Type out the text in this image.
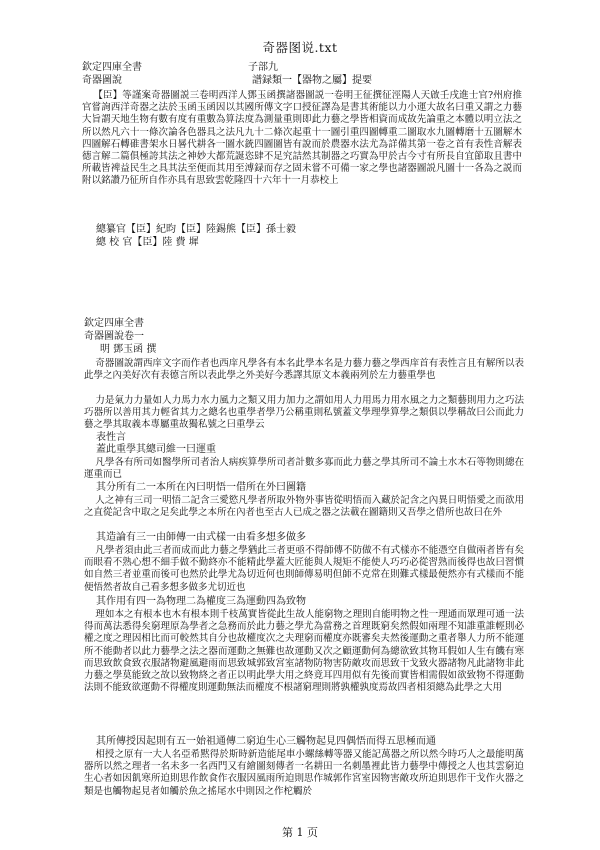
奇器图说.txt
欽定四庫全書	子部九
奇器圖說	譜録類一【器物之屬】提要
【臣】等謹案奇器圖説三卷明西洋人鄧玉函撰諸器圖説一卷明王征撰征涇陽人天啟壬戌進士官?州府推官嘗詢西洋奇器之法於玉函玉函因以其國所傳文字口授征譯為是書其術能以力小運大故名曰重又謂之力藝大旨謂天地生物有數有度有重數為算法度為測量重則即此力藝之學皆相資而成故先論重之本體以明立法之所以然凡六十一條次論各色器具之法凡九十二條次起重十一圖引重四圖轉重二圖取水九圖轉磨十五圖解木四圖解石轉碓書架水日晷代耕各一圖水銃四圖圖皆有說而於農器水法尤為詳備其第一卷之首有表性音解表德言解二篇俱極誇其法之神妙大都荒誕恣肆不足究詰然其制器之巧實為甲於古今寸有所長自宜節取且書中所載皆裨益民生之具其法至便而其用至溥録而存之固未嘗不可備一家之學也諸器圖説凡圖十一各為之説而附以銘讚乃征所自作亦具有思致雲乾隆四十六年十一月恭校上
總纂官【臣】紀昀【臣】陸錫熊【臣】孫士毅
總 校 官【臣】陸 費 墀
欽定四庫全書
奇器圖說卷一
明 鄧玉函 撰
奇器圖說謂西庠文字而作者也西庠凡學各有本名此學本名是力藝力藝之學西庠首有表性言且有解所以表此學之內美好次有表德言所以表此學之外美好今悉譯其原文本義兩列於左力藝重學也
力是氣力力量如人力馬力水力風力之類又用力加力之謂如用人力用馬力用水風之力之類藝則用力之巧法巧器所以善用其力輕省其力之總名也重學者學乃公稱重則私號蓋文學理學算學之類俱以學稱故曰公而此力藝之學其取義本專屬重故獨私號之曰重學云
表性言
蓋此重學其總司維一曰運重
凡學各有所司如醫學所司者治人病疾算學所司者計數多寡而此力藝之學其所司不論土水木石等物則總在運重而已
其分所有二一本所在內曰明悟一借所在外曰圖籍
人之神有三司一明悟二記含三愛慾凡學者所取外物外事皆從明悟而入藏於記含之內異日明悟愛之而欲用之直從記含中取之足矣此學之本所在內者也至古人已成之器之法載在圖籍則又吾學之借所也故曰在外
其造論有三一由師傳一由式樣一由看多想多做多
凡學者須由此三者而成而此力藝之學猶此三者更亟不得師傳不防做不有式樣亦不能憑空自做兩者皆有矣而眼看不熟心想不細手做不勤終亦不能精此學蓋大匠能與人規矩不能使人巧巧必從習熟而後得也故曰習慣如自然三者並重而後可也然於此學尤為切近何也則師傳易明但師不克常在則難式樣最便然亦有式樣而不能便悟然者故自己看多想多做多尤切近也
其作用有四一為物理二為權度三為運動四為致物
理如本之有根本也木有根本則千枝萬實皆從此生故人能窮物之理則自能明物之性一理通而眾理可通一法得而萬法悉得矣窮理原為學者之急務而於此力藝之學尤為當務之首理既窮矣然假如兩理不知誰重誰輕則必權之度之理因相比而可較然其自分也故權度次之夫理窮而權度亦既審矣夫然後運動之重者舉人力所不能運所不能動者以此力藝學之法之器而運動之無難也故運動又次之顧運動何為總欲致其物耳假如人生有饑有寒而思致飲食致衣服諸物避風避雨而思致城郭致宮室諸物防物害防敵攻而思致干戈致火器諸物凡此諸物非此力藝之學莫能致之故以致物終之者正以明此學大用之終竟耳四用似有先後而實皆相需假如欲致物不得運動法則不能致欲運動不得權度則運動無法而權度不根諸窮理則將孰權孰度焉故四者相須總為此學之大用
其所傳授因起則有五一始祖通傳二窮迫生心三觸物起見四偶悟而得五思極而通
相授之原有一大人名亞希黙得於斯時新造能尾車小螺絲轉等器又能記萬器之所以然今時巧人之最能明萬器所以然之理者一名未多一名西門又有繪圖刻傳者一名耕田一名刺墨裡此皆力藝學中傳授之人也其雲窮迫生心者如因飢寒所迫則思作飲食作衣服因風雨所迫則思作城郭作宮室因物害敵攻所迫則思作干戈作火器之類是也觸物起見者如觸於魚之搖尾水中則因之作柁觸於
第 1 页
